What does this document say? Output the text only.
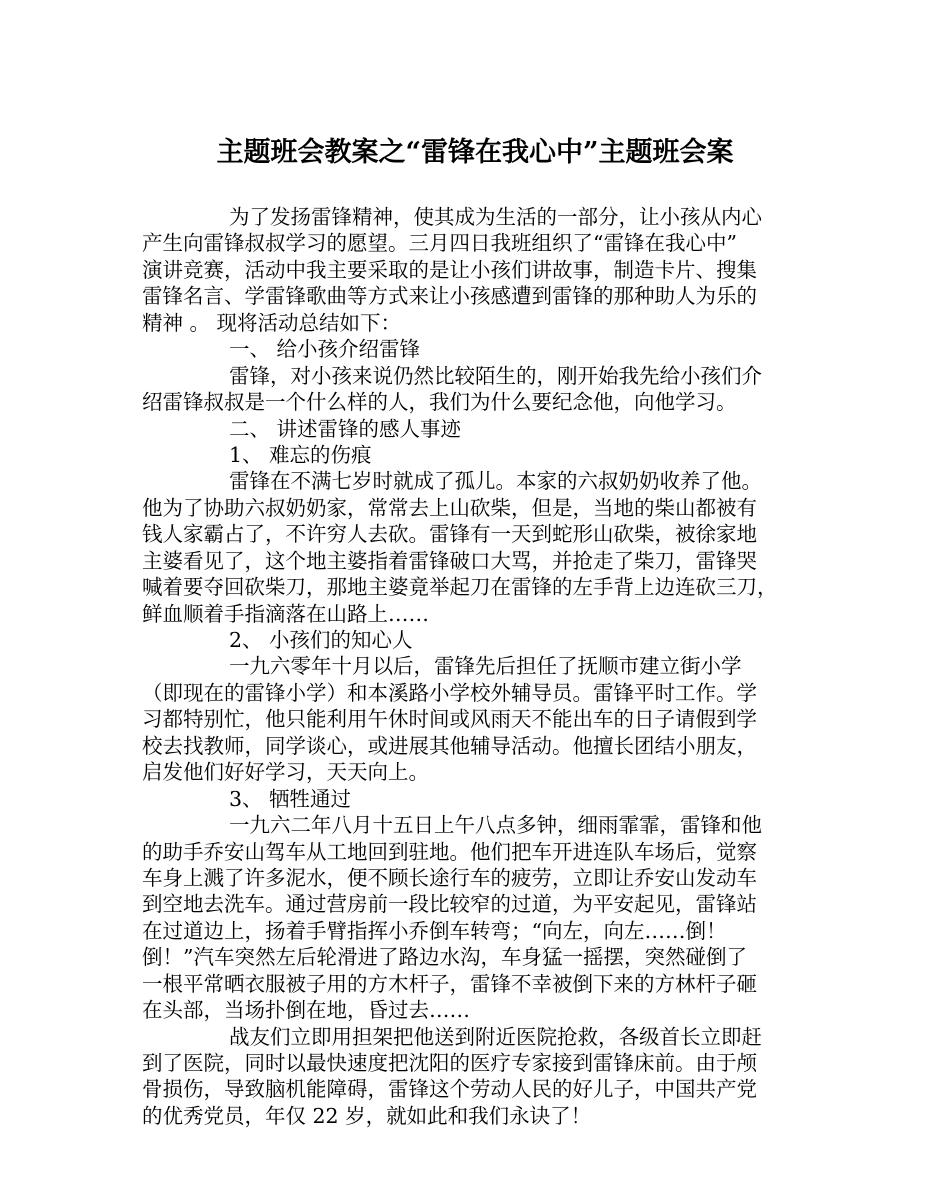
主题班会教案之“雷锋在我心中”主题班会案
为了发扬雷锋精神，使其成为生活的一部分，让小孩从内心
产生向雷锋叔叔学习的愿望。三月四日我班组织了“雷锋在我心中”
演讲竞赛，活动中我主要采取的是让小孩们讲故事，制造卡片、搜集
雷锋名言、学雷锋歌曲等方式来让小孩感遭到雷锋的那种助人为乐的
精神 。 现将活动总结如下：
一、 给小孩介绍雷锋
雷锋，对小孩来说仍然比较陌生的，刚开始我先给小孩们介
绍雷锋叔叔是一个什么样的人，我们为什么要纪念他，向他学习。
二、 讲述雷锋的感人事迹
1、 难忘的伤痕
雷锋在不满七岁时就成了孤儿。本家的六叔奶奶收养了他。
他为了协助六叔奶奶家，常常去上山砍柴，但是，当地的柴山都被有
钱人家霸占了，不许穷人去砍。雷锋有一天到蛇形山砍柴，被徐家地
主婆看见了，这个地主婆指着雷锋破口大骂，并抢走了柴刀，雷锋哭
喊着要夺回砍柴刀，那地主婆竟举起刀在雷锋的左手背上边连砍三刀，
鲜血顺着手指滴落在山路上……
2、 小孩们的知心人
一九六零年十月以后，雷锋先后担任了抚顺市建立街小学
（即现在的雷锋小学）和本溪路小学校外辅导员。雷锋平时工作。学
习都特别忙，他只能利用午休时间或风雨天不能出车的日子请假到学
校去找教师，同学谈心，或进展其他辅导活动。他擅长团结小朋友，
启发他们好好学习，天天向上。
3、 牺牲通过
一九六二年八月十五日上午八点多钟，细雨霏霏，雷锋和他
的助手乔安山驾车从工地回到驻地。他们把车开进连队车场后，觉察
车身上溅了许多泥水，便不顾长途行车的疲劳，立即让乔安山发动车
到空地去洗车。通过营房前一段比较窄的过道，为平安起见，雷锋站
在过道边上，扬着手臂指挥小乔倒车转弯；“向左，向左……倒！
倒！”汽车突然左后轮滑进了路边水沟，车身猛一摇摆，突然碰倒了
一根平常晒衣服被子用的方木杆子，雷锋不幸被倒下来的方林杆子砸
在头部，当场扑倒在地，昏过去……
战友们立即用担架把他送到附近医院抢救，各级首长立即赶
到了医院，同时以最快速度把沈阳的医疗专家接到雷锋床前。由于颅
骨损伤，导致脑机能障碍，雷锋这个劳动人民的好儿子，中国共产党
的优秀党员，年仅 22 岁，就如此和我们永诀了！
